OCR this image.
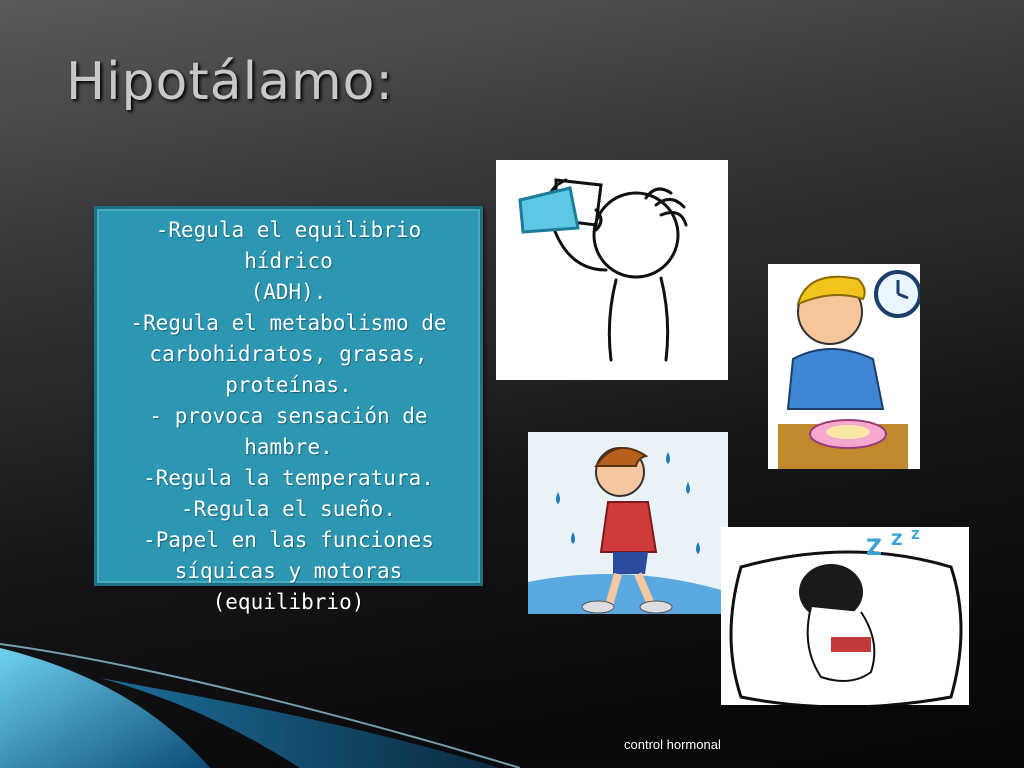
Hipotálamo:
-Regula el equilibrio hídrico
(ADH).
-Regula el metabolismo de
carbohidratos, grasas,
proteínas.
- provoca sensación de
hambre.
-Regula la temperatura.
-Regula el sueño.
-Papel en las funciones
síquicas y motoras
(equilibrio)
Z Z Z
control hormonal
